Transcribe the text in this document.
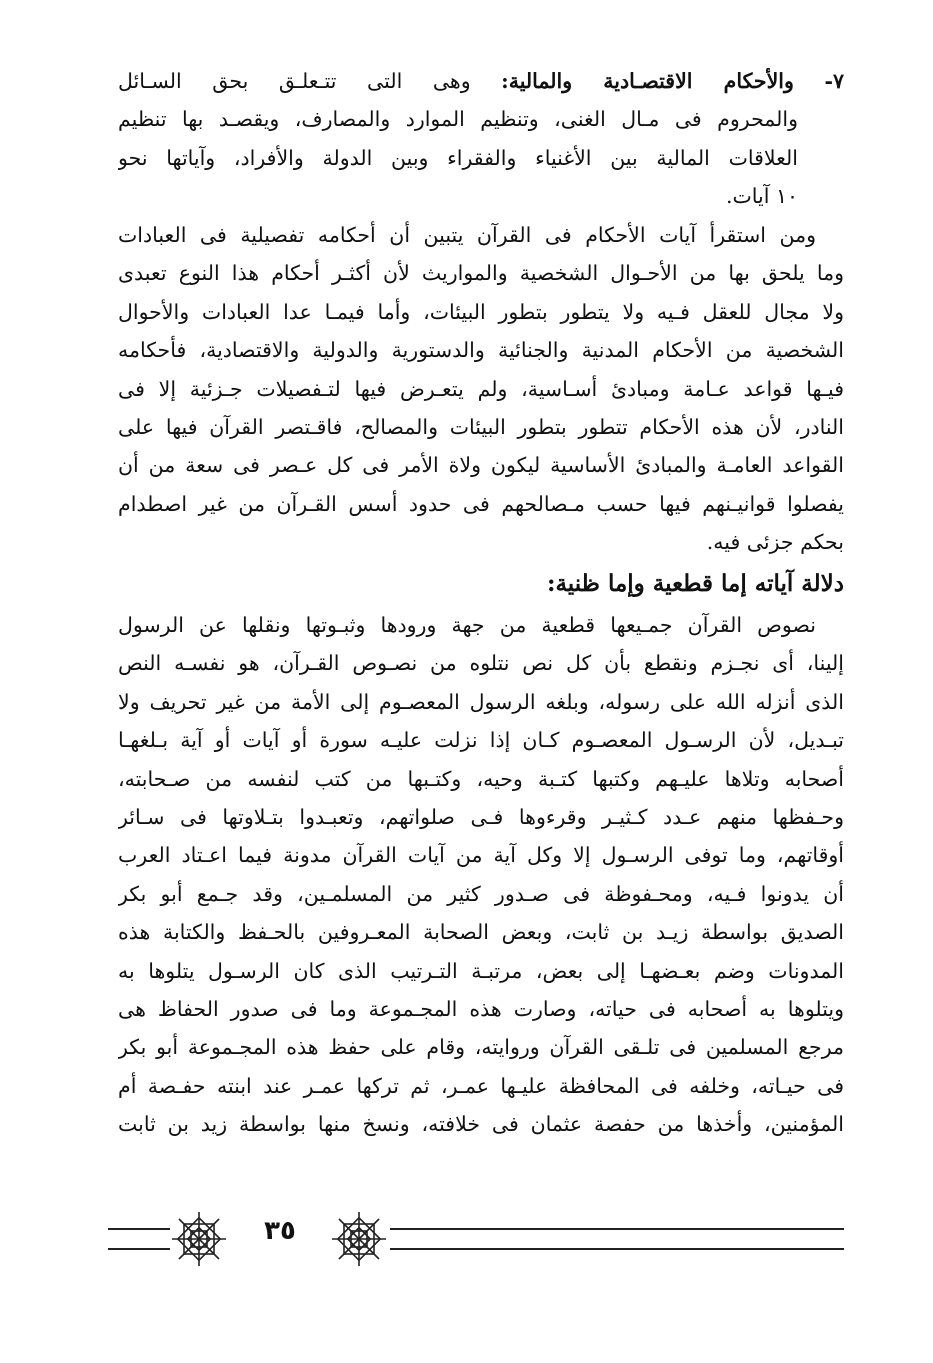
٧- والأحكام الاقتصـادية والمالية: وهى التى تتـعلـق بحق السـائل
والمحروم فى مـال الغنى، وتنظيم الموارد والمصارف، ويقصـد بها تنظيم
العلاقات المالية بين الأغنياء والفقراء وبين الدولة والأفراد، وآياتها نحو
١٠ آيات.
ومن استقرأ آيات الأحكام فى القرآن يتبين أن أحكامه تفصيلية فى العبادات
وما يلحق بها من الأحـوال الشخصية والمواريث لأن أكثـر أحكام هذا النوع تعبدى
ولا مجال للعقل فـيه ولا يتطور بتطور البيئات، وأما فيمـا عدا العبادات والأحوال
الشخصية من الأحكام المدنية والجنائية والدستورية والدولية والاقتصادية، فأحكامه
فيـها قواعد عـامة ومبادئ أسـاسية، ولم يتعـرض فيها لتـفصيلات جـزئية إلا فى
النادر، لأن هذه الأحكام تتطور بتطور البيئات والمصالح، فاقـتصر القرآن فيها على
القواعد العامـة والمبادئ الأساسية ليكون ولاة الأمر فى كل عـصر فى سعة من أن
يفصلوا قوانيـنهم فيها حسب مـصالحهم فى حدود أسس القـرآن من غير اصطدام
بحكم جزئى فيه.
دلالة آياته إما قطعية وإما ظنية:
نصوص القرآن جمـيعها قطعية من جهة ورودها وثبـوتها ونقلها عن الرسول
إلينا، أى نجـزم ونقطع بأن كل نص نتلوه من نصـوص القـرآن، هو نفسـه النص
الذى أنزله الله على رسوله، وبلغه الرسول المعصـوم إلى الأمة من غير تحريف ولا
تبـديل، لأن الرسـول المعصـوم كـان إذا نزلت عليـه سورة أو آيات أو آية بـلغهـا
أصحابه وتلاها عليـهم وكتبها كتـبة وحيه، وكتـبها من كتب لنفسه من صـحابته،
وحـفظها منهم عـدد كـثيـر وقرءوها فـى صلواتهم، وتعبـدوا بتـلاوتها فى سـائر
أوقاتهم، وما توفى الرسـول إلا وكل آية من آيات القرآن مدونة فيما اعـتاد العرب
أن يدونوا فـيه، ومحـفوظة فى صـدور كثير من المسلمـين، وقد جـمع أبو بكر
الصديق بواسطة زيـد بن ثابت، وبعض الصحابة المعـروفين بالحـفظ والكتابة هذه
المدونات وضم بعـضهـا إلى بعض، مرتبـة التـرتيب الذى كان الرسـول يتلوها به
ويتلوها به أصحابه فى حياته، وصارت هذه المجـموعة وما فى صدور الحفاظ هى
مرجع المسلمين فى تلـقى القرآن وروايته، وقام على حفظ هذه المجـموعة أبو بكر
فى حيـاته، وخلفه فى المحافظة عليـها عمـر، ثم تركها عمـر عند ابنته حفـصة أم
المؤمنين، وأخذها من حفصة عثمان فى خلافته، ونسخ منها بواسطة زيد بن ثابت
٣٥
